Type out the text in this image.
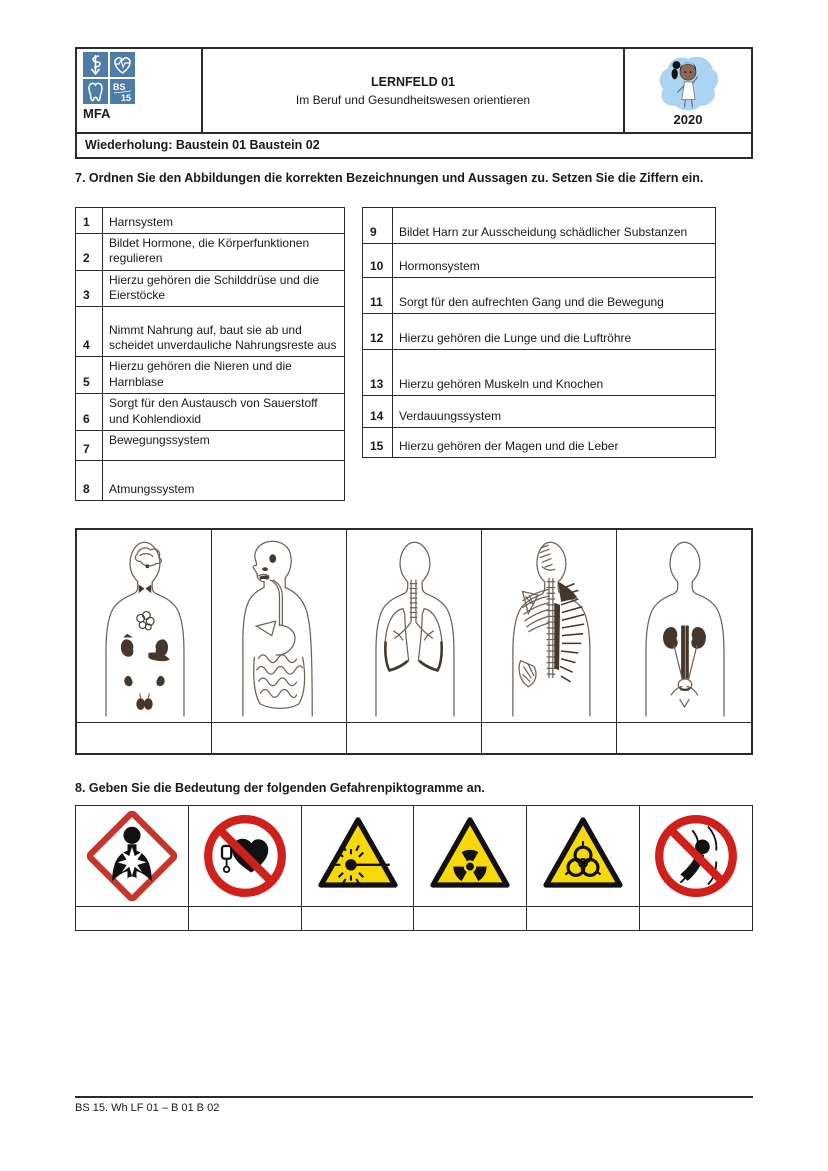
BS
15
MFA
LERNFELD 01
Im Beruf und Gesundheitswesen orientieren
2020
Wiederholung: Baustein 01 Baustein 02
7. Ordnen Sie den Abbildungen die korrekten Bezeichnungen und Aussagen zu. Setzen Sie die Ziffern ein.
1	Harnsystem
2	Bildet Hormone, die Körperfunktionen regulieren
3	Hierzu gehören die Schilddrüse und die Eierstöcke
4	Nimmt Nahrung auf, baut sie ab und scheidet unverdauliche Nahrungsreste aus
5	Hierzu gehören die Nieren und die Harnblase
6	Sorgt für den Austausch von Sauerstoff und Kohlendioxid
7	Bewegungssystem
8	Atmungssystem
9	Bildet Harn zur Ausscheidung schädlicher Substanzen
10	Hormonsystem
11	Sorgt für den aufrechten Gang und die Bewegung
12	Hierzu gehören die Lunge und die Luftröhre
13	Hierzu gehören Muskeln und Knochen
14	Verdauungssystem
15	Hierzu gehören der Magen und die Leber

8. Geben Sie die Bedeutung der folgenden Gefahrenpiktogramme an.

BS 15. Wh LF 01 – B 01 B 02
